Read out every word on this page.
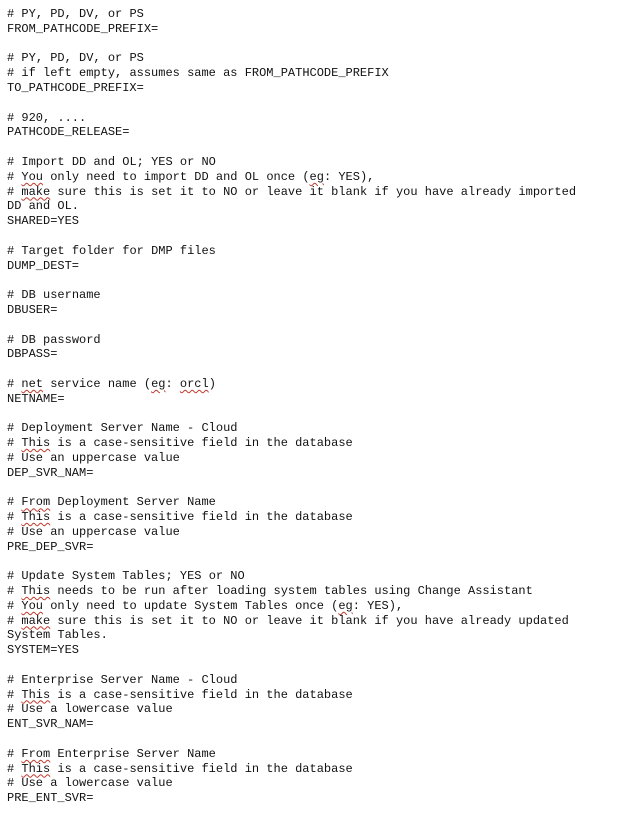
# PY, PD, DV, or PS
FROM_PATHCODE_PREFIX=
# PY, PD, DV, or PS
# if left empty, assumes same as FROM_PATHCODE_PREFIX
TO_PATHCODE_PREFIX=
# 920, ....
PATHCODE_RELEASE=
# Import DD and OL; YES or NO
# You only need to import DD and OL once (eg: YES),
# make sure this is set it to NO or leave it blank if you have already imported
DD and OL.
SHARED=YES
# Target folder for DMP files
DUMP_DEST=
# DB username
DBUSER=
# DB password
DBPASS=
# net service name (eg: orcl)
NETNAME=
# Deployment Server Name - Cloud
# This is a case-sensitive field in the database
# Use an uppercase value
DEP_SVR_NAM=
# From Deployment Server Name
# This is a case-sensitive field in the database
# Use an uppercase value
PRE_DEP_SVR=
# Update System Tables; YES or NO
# This needs to be run after loading system tables using Change Assistant
# You only need to update System Tables once (eg: YES),
# make sure this is set it to NO or leave it blank if you have already updated
System Tables.
SYSTEM=YES
# Enterprise Server Name - Cloud
# This is a case-sensitive field in the database
# Use a lowercase value
ENT_SVR_NAM=
# From Enterprise Server Name
# This is a case-sensitive field in the database
# Use a lowercase value
PRE_ENT_SVR=
